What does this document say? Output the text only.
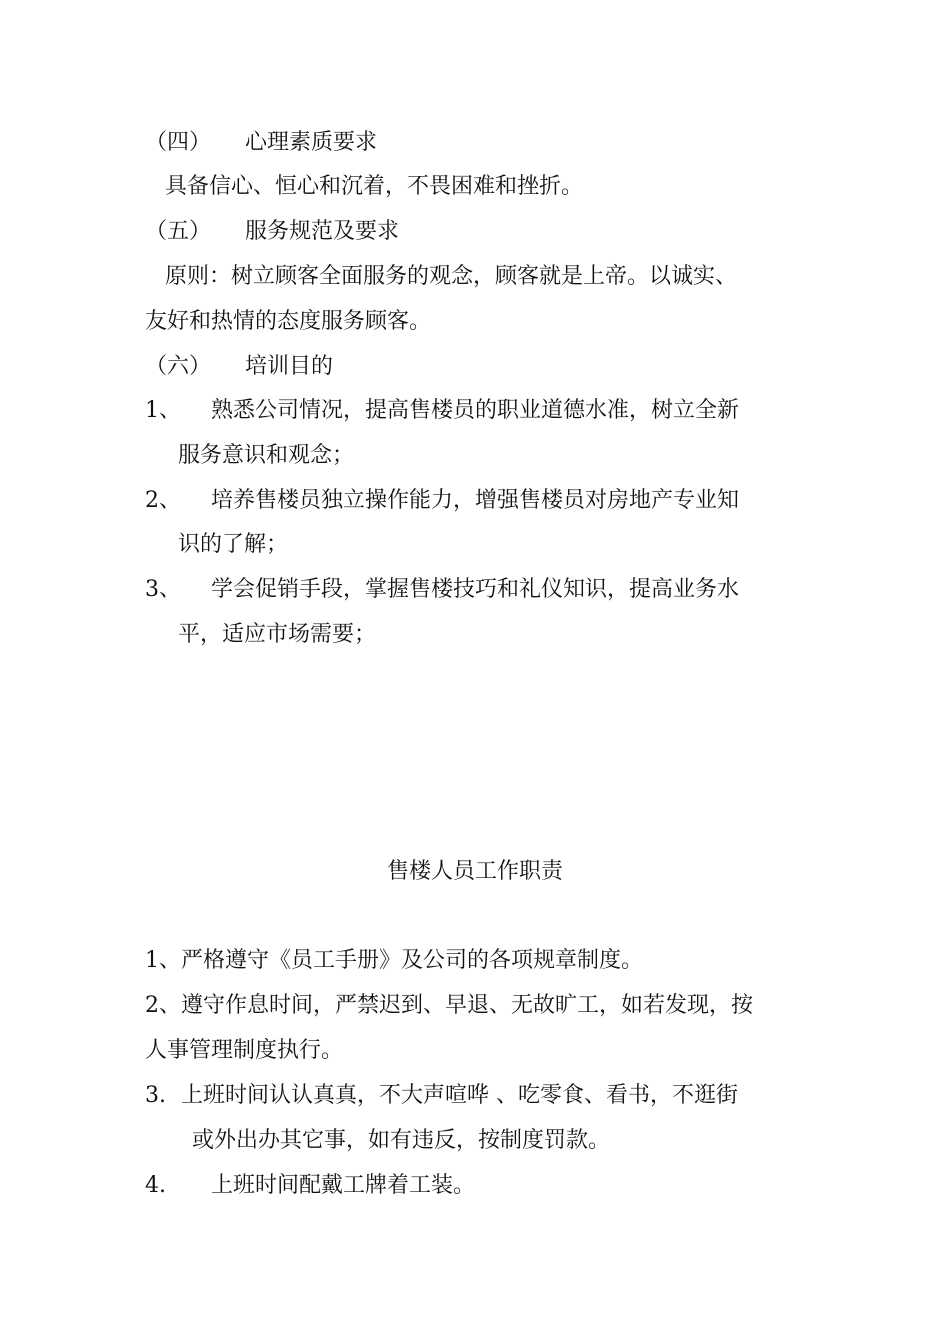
（四） 心理素质要求
具备信心、恒心和沉着，不畏困难和挫折。
（五） 服务规范及要求
原则：树立顾客全面服务的观念，顾客就是上帝。以诚实、
友好和热情的态度服务顾客。
（六） 培训目的
1、 熟悉公司情况，提高售楼员的职业道德水准，树立全新
服务意识和观念；
2、 培养售楼员独立操作能力，增强售楼员对房地产专业知
识的了解；
3、 学会促销手段，掌握售楼技巧和礼仪知识，提高业务水
平，适应市场需要；
售楼人员工作职责
1、严格遵守《员工手册》及公司的各项规章制度。
2、遵守作息时间，严禁迟到、早退、无故旷工，如若发现，按
人事管理制度执行。
3. 上班时间认认真真，不大声喧哗 、吃零食、看书，不逛街
或外出办其它事，如有违反，按制度罚款。
4. 上班时间配戴工牌着工装。
